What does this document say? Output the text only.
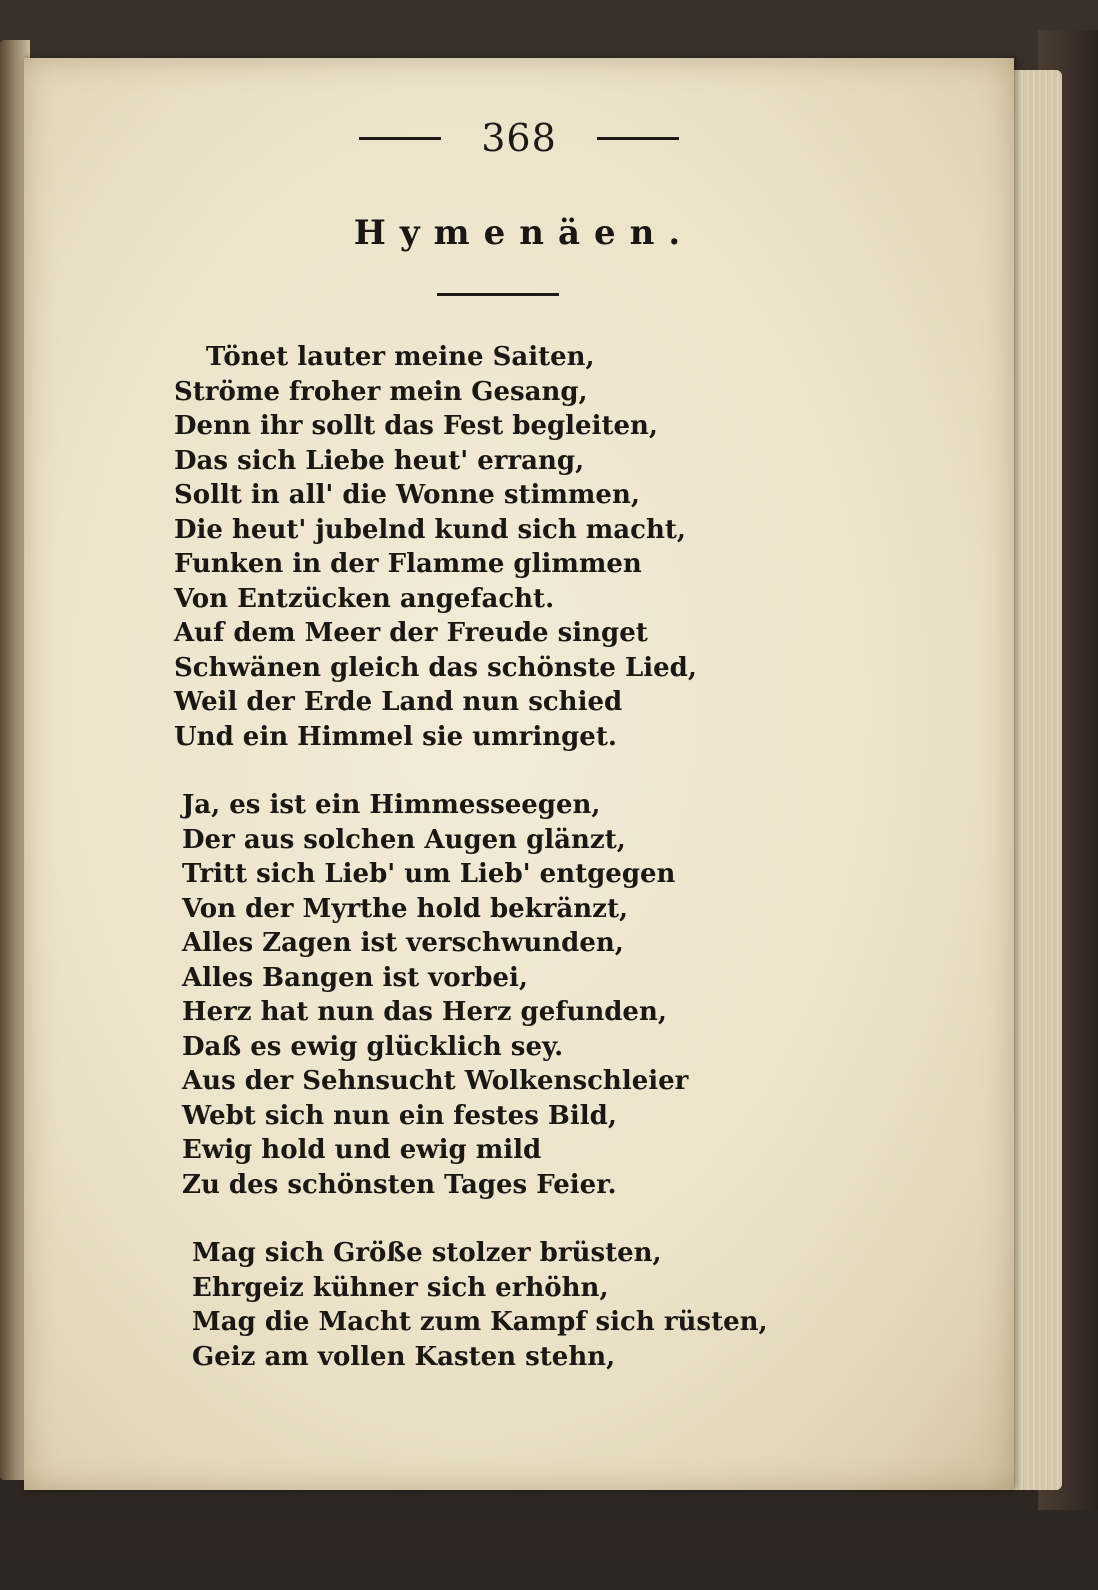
368
Hymenäen.
Tönet lauter meine Saiten,
Ströme froher mein Gesang,
Denn ihr sollt das Fest begleiten,
Das sich Liebe heut' errang,
Sollt in all' die Wonne stimmen,
Die heut' jubelnd kund sich macht,
Funken in der Flamme glimmen
Von Entzücken angefacht.
Auf dem Meer der Freude singet
Schwänen gleich das schönste Lied,
Weil der Erde Land nun schied
Und ein Himmel sie umringet.
Ja, es ist ein Himmesseegen,
Der aus solchen Augen glänzt,
Tritt sich Lieb' um Lieb' entgegen
Von der Myrthe hold bekränzt,
Alles Zagen ist verschwunden,
Alles Bangen ist vorbei,
Herz hat nun das Herz gefunden,
Daß es ewig glücklich sey.
Aus der Sehnsucht Wolkenschleier
Webt sich nun ein festes Bild,
Ewig hold und ewig mild
Zu des schönsten Tages Feier.
Mag sich Größe stolzer brüsten,
Ehrgeiz kühner sich erhöhn,
Mag die Macht zum Kampf sich rüsten,
Geiz am vollen Kasten stehn,
